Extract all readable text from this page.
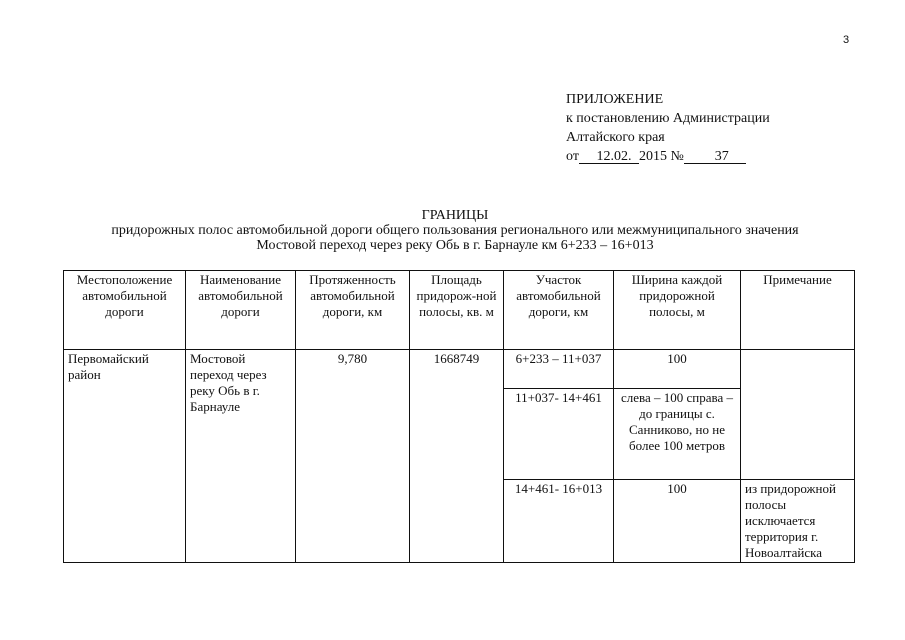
3
ПРИЛОЖЕНИЕ
к постановлению Администрации
Алтайского края
от 12.02. 2015 № 37
ГРАНИЦЫ
придорожных полос автомобильной дороги общего пользования регионального или межмуниципального значения
Мостовой переход через реку Обь в г. Барнауле км 6+233 – 16+013
Местоположение автомобильной дороги	Наименование автомобильной дороги	Протяженность автомобильной дороги, км	Площадь придорож-ной полосы, кв. м	Участок автомобильной дороги, км	Ширина каждой придорожной полосы, м	Примечание
Первомайский район	Мостовой переход через реку Обь в г. Барнауле	9,780	1668749	6+233 – 11+037	100	
				11+037- 14+461	слева – 100 справа – до границы с. Санниково, но не более 100 метров	
				14+461- 16+013	100	из придорожной полосы исключается территория г. Новоалтайска
